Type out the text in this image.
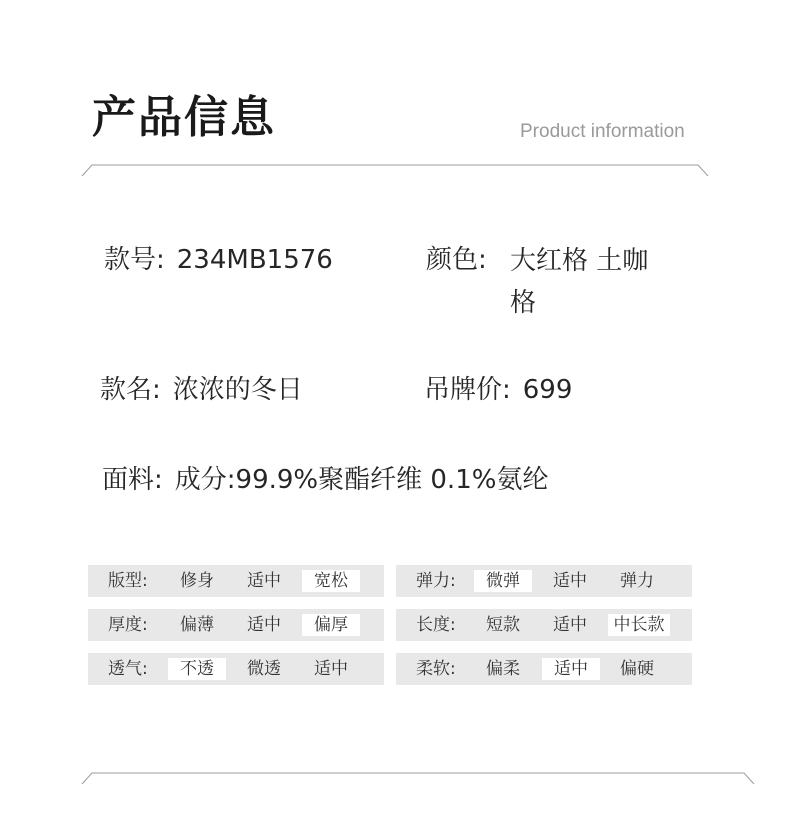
产品信息	Product information
款号: 234MB1576	颜色: 大红格 土咖格
款名: 浓浓的冬日	吊牌价: 699
面料: 成分:99.9%聚酯纤维 0.1%氨纶
版型:	修身	适中	宽松
厚度:	偏薄	适中	偏厚
透气:	不透	微透	适中
弹力:	微弹	适中	弹力
长度:	短款	适中	中长款
柔软:	偏柔	适中	偏硬
